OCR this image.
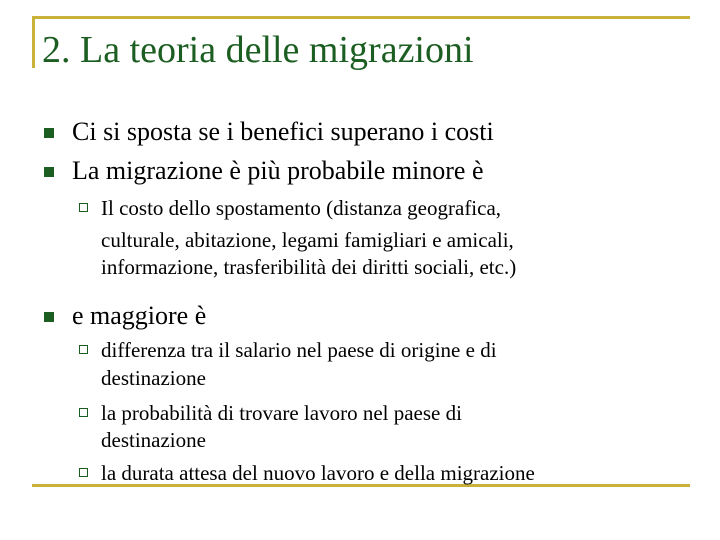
2. La teoria delle migrazioni
Ci si sposta se i benefici superano i costi
La migrazione è più probabile minore è
Il costo dello spostamento (distanza geografica,
culturale, abitazione, legami famigliari e amicali,
informazione, trasferibilità dei diritti sociali, etc.)
e maggiore è
differenza tra il salario nel paese di origine e di
destinazione
la probabilità di trovare lavoro nel paese di
destinazione
la durata attesa del nuovo lavoro e della migrazione
